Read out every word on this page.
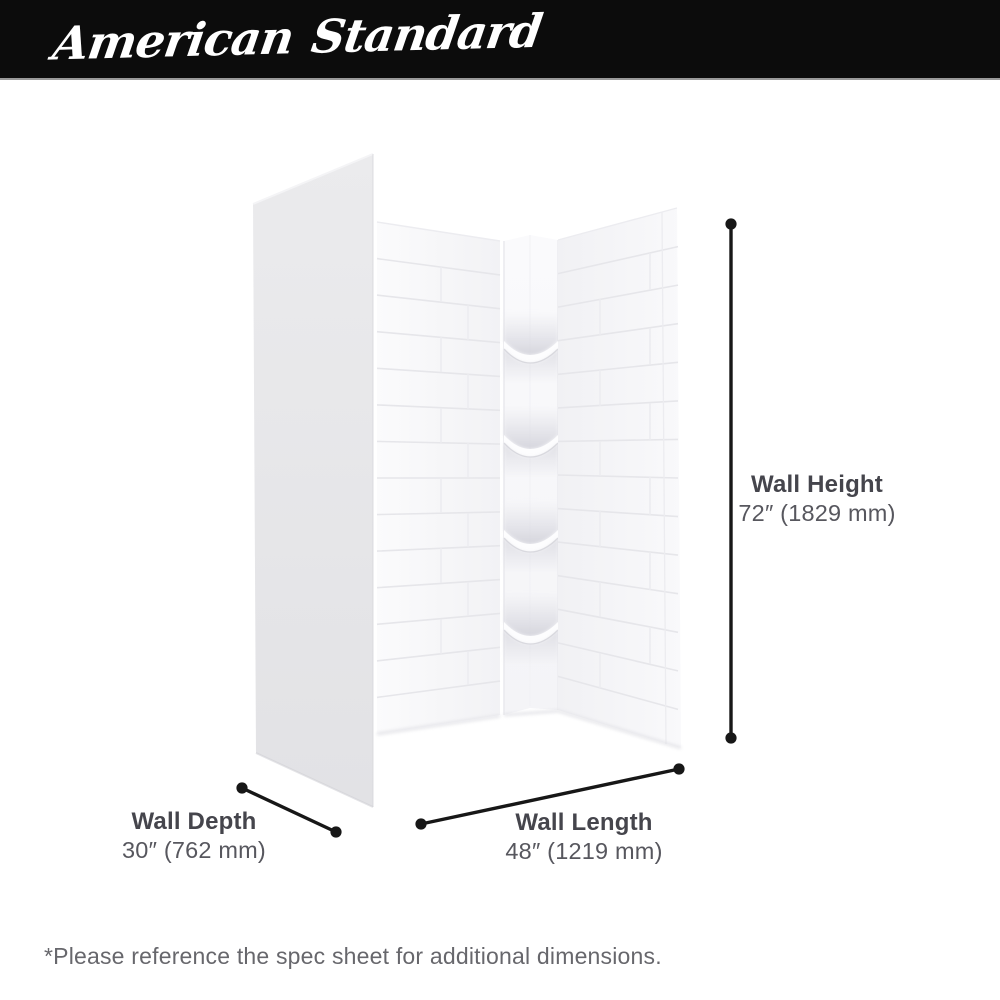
American Standard
Wall Height
72″ (1829 mm)
Wall Depth
30″ (762 mm)
Wall Length
48″ (1219 mm)
*Please reference the spec sheet for additional dimensions.
